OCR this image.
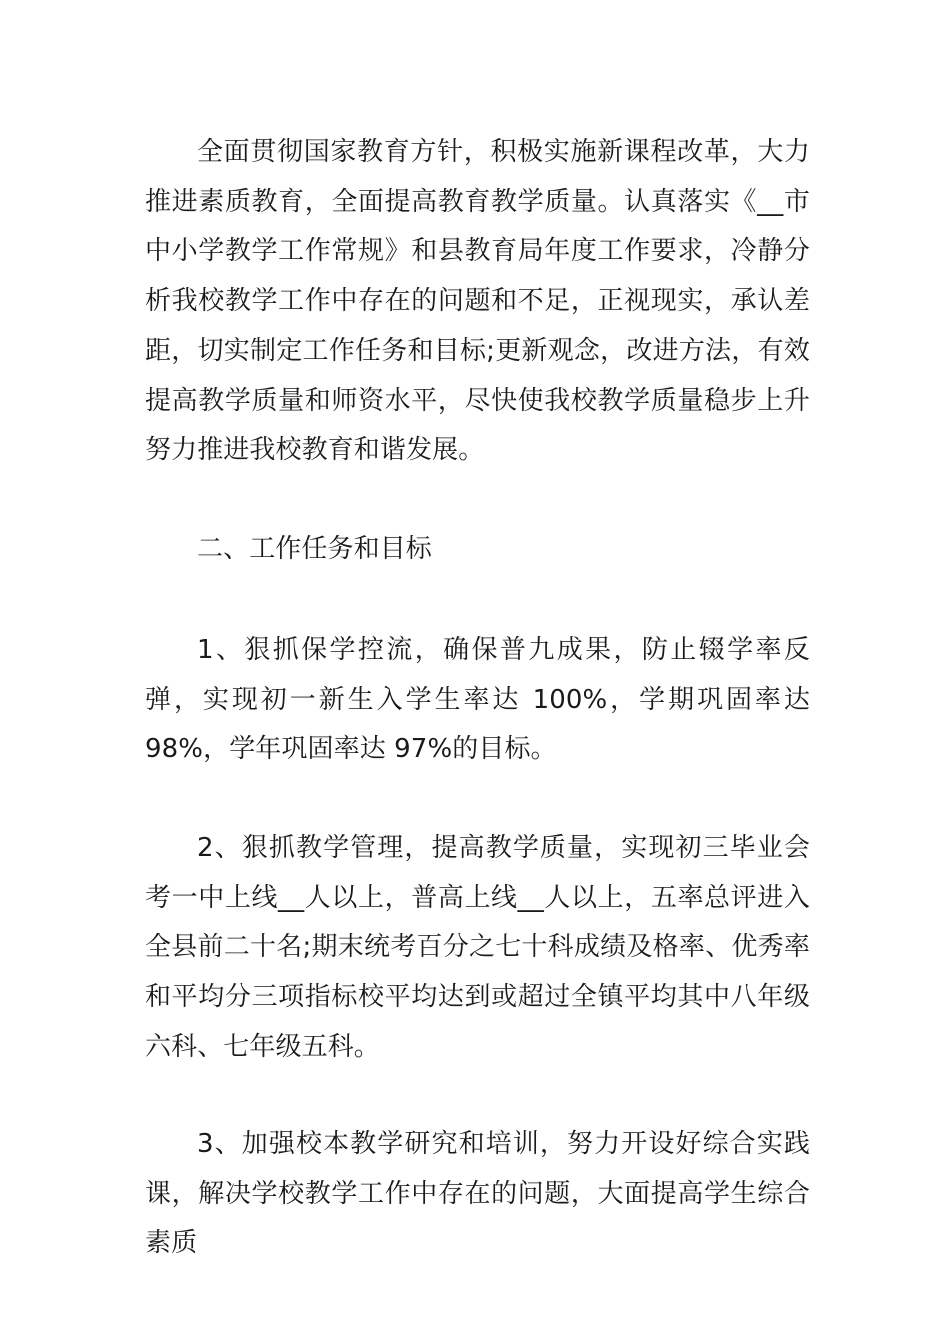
全面贯彻国家教育方针，积极实施新课程改革，大力推进素质教育，全面提高教育教学质量。认真落实《__市中小学教学工作常规》和县教育局年度工作要求，冷静分析我校教学工作中存在的问题和不足，正视现实，承认差距，切实制定工作任务和目标;更新观念，改进方法，有效提高教学质量和师资水平，尽快使我校教学质量稳步上升努力推进我校教育和谐发展。

二、工作任务和目标

1、狠抓保学控流，确保普九成果，防止辍学率反弹，实现初一新生入学生率达 100%，学期巩固率达 98%，学年巩固率达 97%的目标。

2、狠抓教学管理，提高教学质量，实现初三毕业会考一中上线__人以上，普高上线__人以上，五率总评进入全县前二十名;期末统考百分之七十科成绩及格率、优秀率和平均分三项指标校平均达到或超过全镇平均其中八年级六科、七年级五科。

3、加强校本教学研究和培训，努力开设好综合实践课，解决学校教学工作中存在的问题，大面提高学生综合素质
